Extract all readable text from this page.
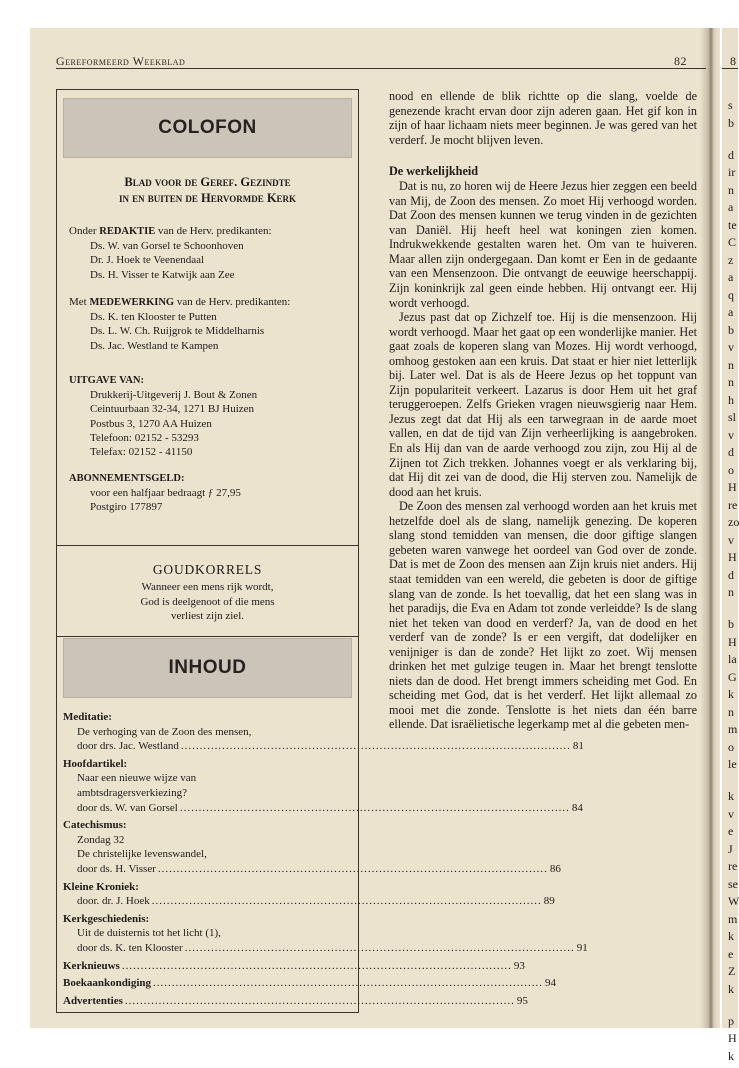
Gereformeerd Weekblad	82
COLOFON
Blad voor de Geref. Gezindte
in en buiten de Hervormde Kerk
Onder REDAKTIE van de Herv. predikanten:
Ds. W. van Gorsel te Schoonhoven
Dr. J. Hoek te Veenendaal
Ds. H. Visser te Katwijk aan Zee
Met MEDEWERKING van de Herv. predikanten:
Ds. K. ten Klooster te Putten
Ds. L. W. Ch. Ruijgrok te Middelharnis
Ds. Jac. Westland te Kampen
UITGAVE VAN:
Drukkerij-Uitgeverij J. Bout & Zonen
Ceintuurbaan 32-34, 1271 BJ Huizen
Postbus 3, 1270 AA Huizen
Telefoon: 02152 - 53293
Telefax: 02152 - 41150
ABONNEMENTSGELD:
voor een halfjaar bedraagt ƒ 27,95
Postgiro 177897
GOUDKORRELS
Wanneer een mens rijk wordt,
God is deelgenoot of die mens
verliest zijn ziel.
INHOUD
Meditatie:
De verhoging van de Zoon des mensen,
door drs. Jac. Westland .....	81
Hoofdartikel:
Naar een nieuwe wijze van
ambtsdragersverkiezing?
door ds. W. van Gorsel .....	84
Catechismus:
Zondag 32
De christelijke levenswandel,
door ds. H. Visser .....	86
Kleine Kroniek:
door. dr. J. Hoek .....	89
Kerkgeschiedenis:
Uit de duisternis tot het licht (1),
door ds. K. ten Klooster .....	91
Kerknieuws .....	93
Boekaankondiging .....	94
Advertenties .....	95

nood en ellende de blik richtte op die slang, voelde de genezende kracht ervan door zijn aderen gaan. Het gif kon in zijn of haar lichaam niets meer beginnen. Je was gered van het verderf. Je mocht blijven leven.

De werkelijkheid

Dat is nu, zo horen wij de Heere Jezus hier zeggen een beeld van Mij, de Zoon des mensen. Zo moet Hij verhoogd worden. Dat Zoon des mensen kunnen we terug vinden in de gezichten van Daniël. Hij heeft heel wat koningen zien komen. Indrukwekkende gestalten waren het. Om van te huiveren. Maar allen zijn ondergegaan. Dan komt er Een in de gedaante van een Mensenzoon. Die ontvangt de eeuwige heerschappij. Zijn koninkrijk zal geen einde hebben. Hij ontvangt eer. Hij wordt verhoogd.

Jezus past dat op Zichzelf toe. Hij is die mensenzoon. Hij wordt verhoogd. Maar het gaat op een wonderlijke manier. Het gaat zoals de koperen slang van Mozes. Hij wordt verhoogd, omhoog gestoken aan een kruis. Dat staat er hier niet letterlijk bij. Later wel. Dat is als de Heere Jezus op het toppunt van Zijn populariteit verkeert. Lazarus is door Hem uit het graf teruggeroepen. Zelfs Grieken vragen nieuwsgierig naar Hem. Jezus zegt dat dat Hij als een tarwegraan in de aarde moet vallen, en dat de tijd van Zijn verheerlijking is aangebroken. En als Hij dan van de aarde verhoogd zou zijn, zou Hij al de Zijnen tot Zich trekken. Johannes voegt er als verklaring bij, dat Hij dit zei van de dood, die Hij sterven zou. Namelijk de dood aan het kruis.

De Zoon des mensen zal verhoogd worden aan het kruis met hetzelfde doel als de slang, namelijk genezing. De koperen slang stond temidden van mensen, die door giftige slangen gebeten waren vanwege het oordeel van God over de zonde. Dat is met de Zoon des mensen aan Zijn kruis niet anders. Hij staat temidden van een wereld, die gebeten is door de giftige slang van de zonde. Is het toevallig, dat het een slang was in het paradijs, die Eva en Adam tot zonde verleidde? Is de slang niet het teken van dood en verderf? Ja, van de dood en het verderf van de zonde? Is er een vergift, dat dodelijker en venijniger is dan de zonde? Het lijkt zo zoet. Wij mensen drinken het met gulzige teugen in. Maar het brengt tenslotte niets dan de dood. Het brengt immers scheiding met God. En scheiding met God, dat is het verderf. Het lijkt allemaal zo mooi met die zonde. Tenslotte is het niets dan één barre ellende. Dat israëlietische legerkamp met al die gebeten men-

8
s
b
d
ir
n
a
te
C
z
a
q
a
b
v
n
n
h
sl
v
d
o
H
re
zo
v
H
d
n
b
H
la
G
k
n
m
o
le
k
v
e
J
re
se
W
m
k
e
Z
k
p
H
k
